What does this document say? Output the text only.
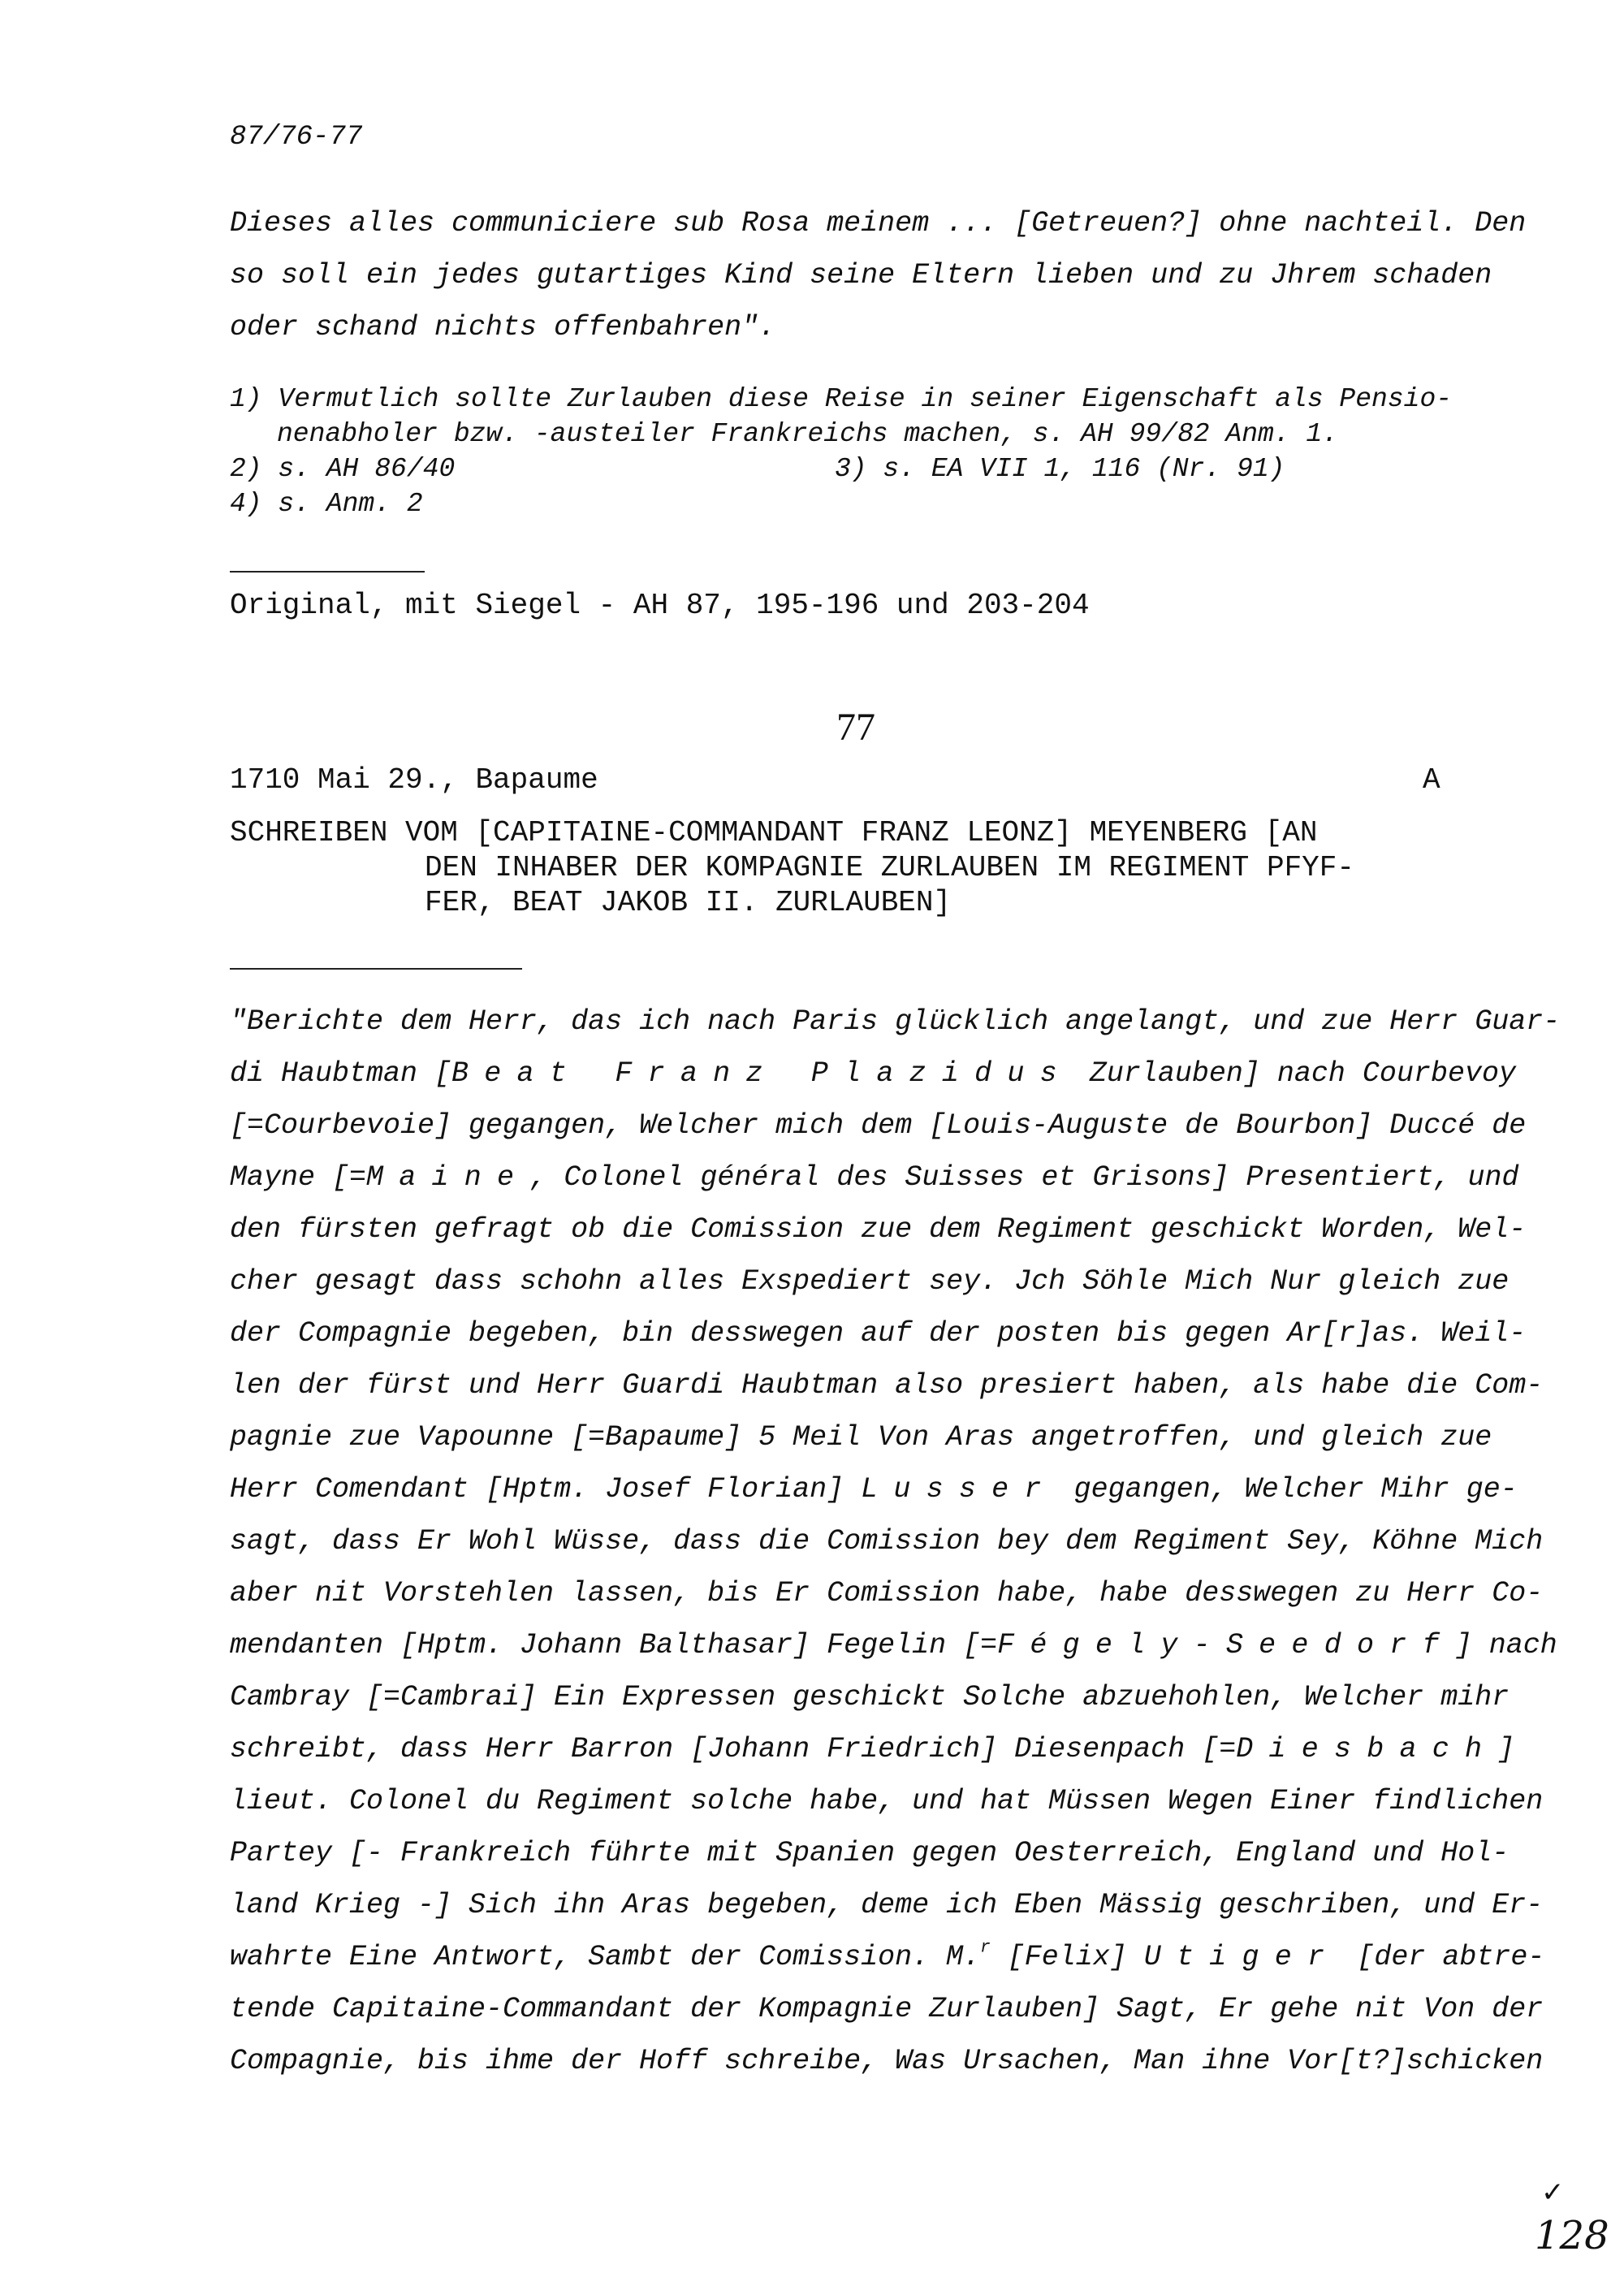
87/76-77
Dieses alles communiciere sub Rosa meinem ... [Getreuen?] ohne nachteil. Den
so soll ein jedes gutartiges Kind seine Eltern lieben und zu Jhrem schaden
oder schand nichts offenbahren".
1) Vermutlich sollte Zurlauben diese Reise in seiner Eigenschaft als Pensio-
nenabholer bzw. -austeiler Frankreichs machen, s. AH 99/82 Anm. 1.
2) s. AH 86/40	3) s. EA VII 1, 116 (Nr. 91)
4) s. Anm. 2
Original, mit Siegel - AH 87, 195-196 und 203-204
77
1710 Mai 29., Bapaume	A
SCHREIBEN VOM [CAPITAINE-COMMANDANT FRANZ LEONZ] MEYENBERG [AN
DEN INHABER DER KOMPAGNIE ZURLAUBEN IM REGIMENT PFYF-
FER, BEAT JAKOB II. ZURLAUBEN]
"Berichte dem Herr, das ich nach Paris glücklich angelangt, und zue Herr Guar-
di Haubtman [Beat Franz Plazidus Zurlauben] nach Courbevoy
[=Courbevoie] gegangen, Welcher mich dem [Louis-Auguste de Bourbon] Duccé de
Mayne [=Maine, Colonel général des Suisses et Grisons] Presentiert, und
den fürsten gefragt ob die Comission zue dem Regiment geschickt Worden, Wel-
cher gesagt dass schohn alles Exspediert sey. Jch Söhle Mich Nur gleich zue
der Compagnie begeben, bin desswegen auf der posten bis gegen Ar[r]as. Weil-
len der fürst und Herr Guardi Haubtman also presiert haben, als habe die Com-
pagnie zue Vapounne [=Bapaume] 5 Meil Von Aras angetroffen, und gleich zue
Herr Comendant [Hptm. Josef Florian] Lusser gegangen, Welcher Mihr ge-
sagt, dass Er Wohl Wüsse, dass die Comission bey dem Regiment Sey, Köhne Mich
aber nit Vorstehlen lassen, bis Er Comission habe, habe desswegen zu Herr Co-
mendanten [Hptm. Johann Balthasar] Fegelin [=Fégely-Seedorf] nach
Cambray [=Cambrai] Ein Expressen geschickt Solche abzuehohlen, Welcher mihr
schreibt, dass Herr Barron [Johann Friedrich] Diesenpach [=Diesbach]
lieut. Colonel du Regiment solche habe, und hat Müssen Wegen Einer findlichen
Partey [- Frankreich führte mit Spanien gegen Oesterreich, England und Hol-
land Krieg -] Sich ihn Aras begeben, deme ich Eben Mässig geschriben, und Er-
wahrte Eine Antwort, Sambt der Comission. M.$^r$ [Felix] Utiger [der abtre-
tende Capitaine-Commandant der Kompagnie Zurlauben] Sagt, Er gehe nit Von der
Compagnie, bis ihme der Hoff schreibe, Was Ursachen, Man ihne Vor[t?]schicken
✓
128
